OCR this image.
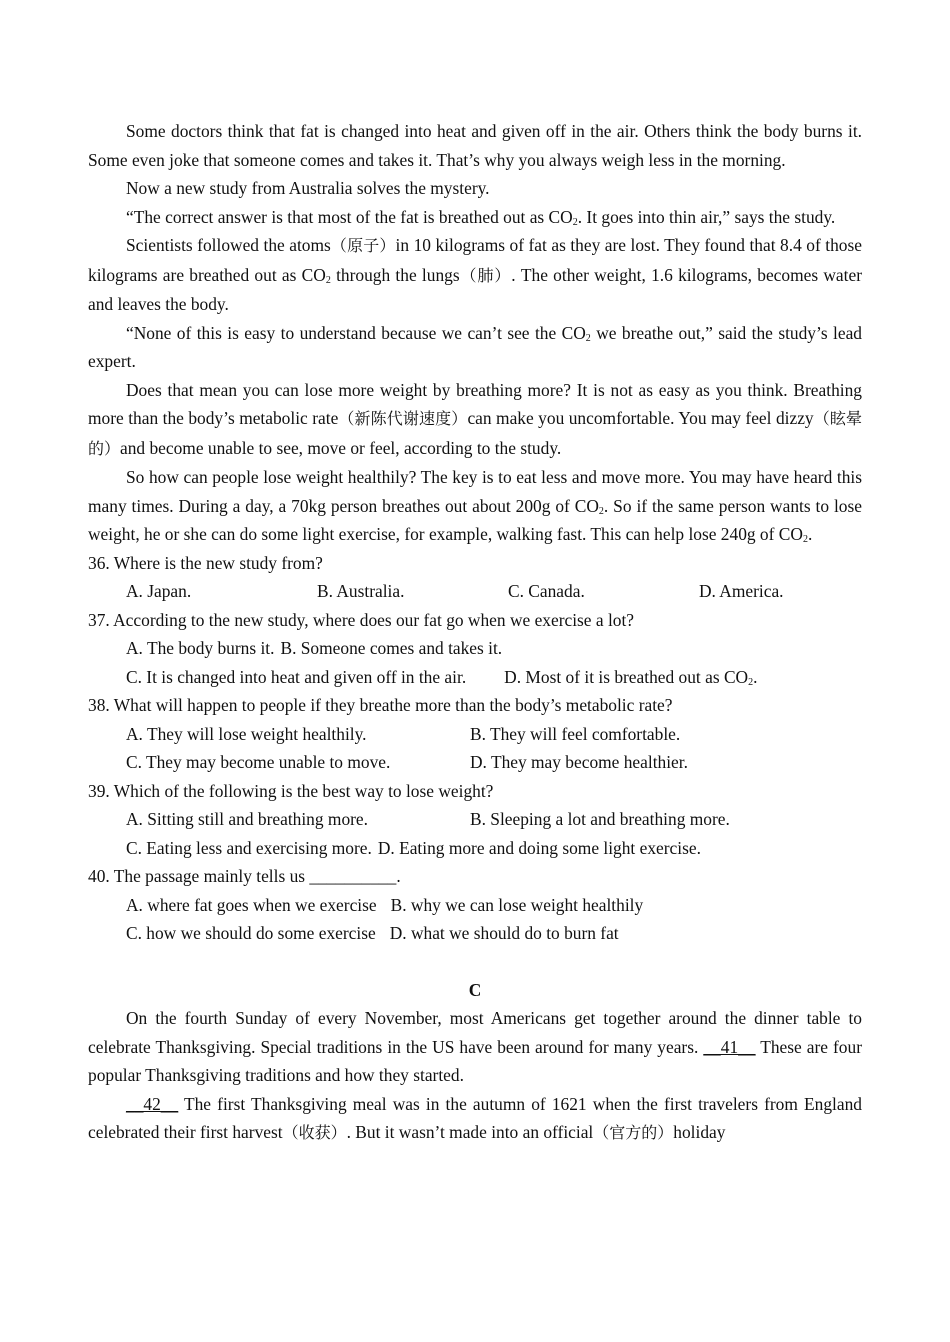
Some doctors think that fat is changed into heat and given off in the air. Others think the body burns it. Some even joke that someone comes and takes it. That’s why you always weigh less in the morning.

Now a new study from Australia solves the mystery.

“The correct answer is that most of the fat is breathed out as $CO_2$. It goes into thin air,” says the study.

Scientists followed the atoms（原子）in 10 kilograms of fat as they are lost. They found that 8.4 of those kilograms are breathed out as $CO_2$ through the lungs（肺）. The other weight, 1.6 kilograms, becomes water and leaves the body.

“None of this is easy to understand because we can’t see the $CO_2$ we breathe out,” said the study’s lead expert.

Does that mean you can lose more weight by breathing more? It is not as easy as you think. Breathing more than the body’s metabolic rate（新陈代谢速度）can make you uncomfortable. You may feel dizzy（眩晕的）and become unable to see, move or feel, according to the study.

So how can people lose weight healthily? The key is to eat less and move more. You may have heard this many times. During a day, a 70kg person breathes out about 200g of $CO_2$. So if the same person wants to lose weight, he or she can do some light exercise, for example, walking fast. This can help lose 240g of $CO_2$.

36. Where is the new study from?

A. Japan.	B. Australia.	C. Canada.	D. America.

37. According to the new study, where does our fat go when we exercise a lot?

A. The body burns it. B. Someone comes and takes it.
C. It is changed into heat and given off in the air. D. Most of it is breathed out as $CO_2$.

38. What will happen to people if they breathe more than the body’s metabolic rate?

A. They will lose weight healthily.	B. They will feel comfortable.
C. They may become unable to move.	D. They may become healthier.

39. Which of the following is the best way to lose weight?

A. Sitting still and breathing more.	B. Sleeping a lot and breathing more.
C. Eating less and exercising more. D. Eating more and doing some light exercise.

40. The passage mainly tells us __________.

A. where fat goes when we exercise B. why we can lose weight healthily
C. how we should do some exercise D. what we should do to burn fat

C

On the fourth Sunday of every November, most Americans get together around the dinner table to celebrate Thanksgiving. Special traditions in the US have been around for many years. __41__ These are four popular Thanksgiving traditions and how they started.

__42__ The first Thanksgiving meal was in the autumn of 1621 when the first travelers from England celebrated their first harvest（收获）. But it wasn’t made into an official（官方的）holiday
